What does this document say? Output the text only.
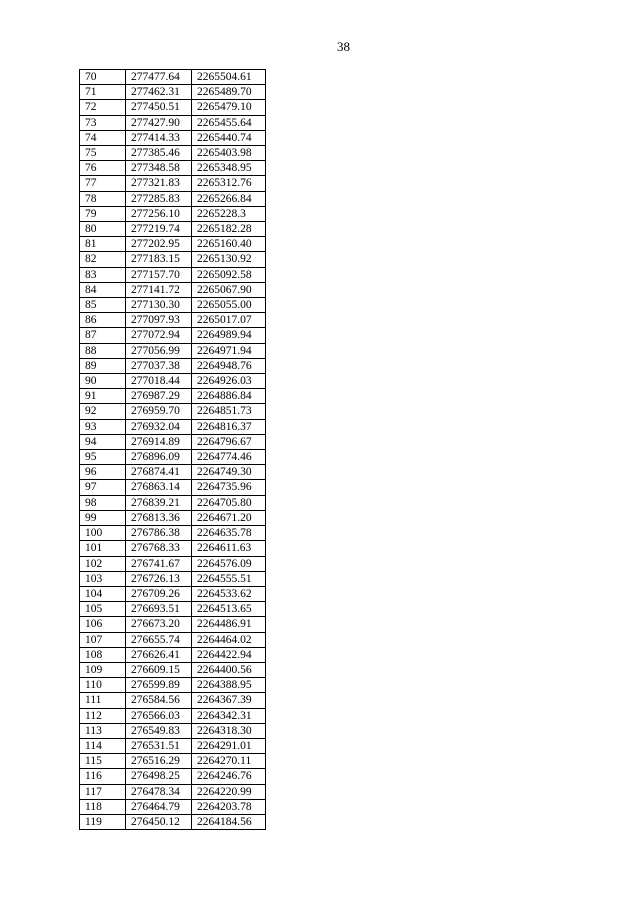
38
70	277477.64	2265504.61
71	277462.31	2265489.70
72	277450.51	2265479.10
73	277427.90	2265455.64
74	277414.33	2265440.74
75	277385.46	2265403.98
76	277348.58	2265348.95
77	277321.83	2265312.76
78	277285.83	2265266.84
79	277256.10	2265228.3
80	277219.74	2265182.28
81	277202.95	2265160.40
82	277183.15	2265130.92
83	277157.70	2265092.58
84	277141.72	2265067.90
85	277130.30	2265055.00
86	277097.93	2265017.07
87	277072.94	2264989.94
88	277056.99	2264971.94
89	277037.38	2264948.76
90	277018.44	2264926.03
91	276987.29	2264886.84
92	276959.70	2264851.73
93	276932.04	2264816.37
94	276914.89	2264796.67
95	276896.09	2264774.46
96	276874.41	2264749.30
97	276863.14	2264735.96
98	276839.21	2264705.80
99	276813.36	2264671.20
100	276786.38	2264635.78
101	276768.33	2264611.63
102	276741.67	2264576.09
103	276726.13	2264555.51
104	276709.26	2264533.62
105	276693.51	2264513.65
106	276673.20	2264486.91
107	276655.74	2264464.02
108	276626.41	2264422.94
109	276609.15	2264400.56
110	276599.89	2264388.95
111	276584.56	2264367.39
112	276566.03	2264342.31
113	276549.83	2264318.30
114	276531.51	2264291.01
115	276516.29	2264270.11
116	276498.25	2264246.76
117	276478.34	2264220.99
118	276464.79	2264203.78
119	276450.12	2264184.56
